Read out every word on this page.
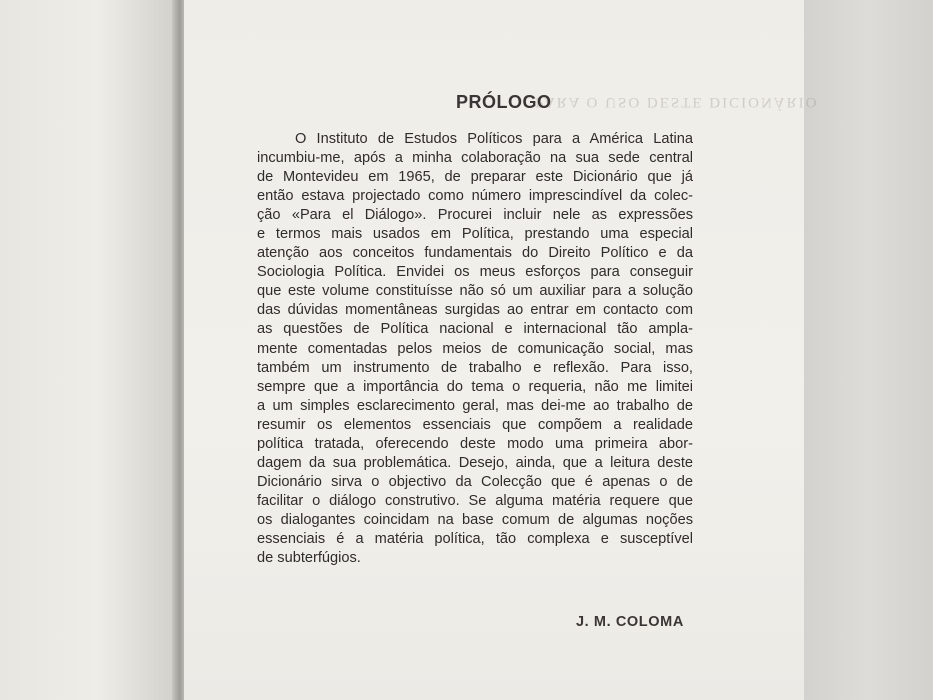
PARA O USO DESTE DICIONÁRIO
PRÓLOGO
O Instituto de Estudos Políticos para a América Latina
incumbiu-me, após a minha colaboração na sua sede central
de Montevideu em 1965, de preparar este Dicionário que já
então estava projectado como número imprescindível da colec-
ção «Para el Diálogo». Procurei incluir nele as expressões
e termos mais usados em Política, prestando uma especial
atenção aos conceitos fundamentais do Direito Político e da
Sociologia Política. Envidei os meus esforços para conseguir
que este volume constituísse não só um auxiliar para a solução
das dúvidas momentâneas surgidas ao entrar em contacto com
as questões de Política nacional e internacional tão ampla-
mente comentadas pelos meios de comunicação social, mas
também um instrumento de trabalho e reflexão. Para isso,
sempre que a importância do tema o requeria, não me limitei
a um simples esclarecimento geral, mas dei-me ao trabalho de
resumir os elementos essenciais que compõem a realidade
política tratada, oferecendo deste modo uma primeira abor-
dagem da sua problemática. Desejo, ainda, que a leitura deste
Dicionário sirva o objectivo da Colecção que é apenas o de
facilitar o diálogo construtivo. Se alguma matéria requere que
os dialogantes coincidam na base comum de algumas noções
essenciais é a matéria política, tão complexa e susceptível
de subterfúgios.
J. M. COLOMA
